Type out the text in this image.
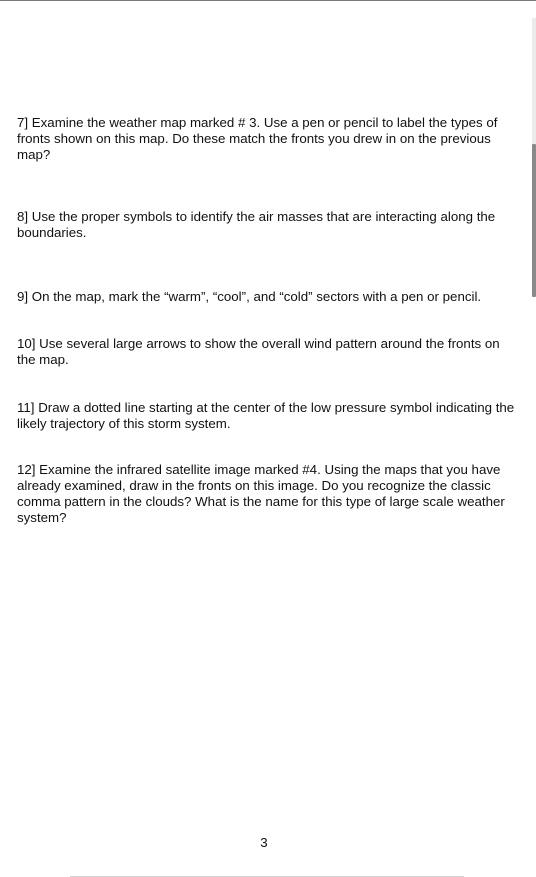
7] Examine the weather map marked # 3. Use a pen or pencil to label the types of fronts shown on this map. Do these match the fronts you drew in on the previous map?

8] Use the proper symbols to identify the air masses that are interacting along the boundaries.

9] On the map, mark the “warm”, “cool”, and “cold” sectors with a pen or pencil.

10] Use several large arrows to show the overall wind pattern around the fronts on the map.

11] Draw a dotted line starting at the center of the low pressure symbol indicating the likely trajectory of this storm system.

12] Examine the infrared satellite image marked #4. Using the maps that you have already examined, draw in the fronts on this image. Do you recognize the classic comma pattern in the clouds? What is the name for this type of large scale weather system?

3
